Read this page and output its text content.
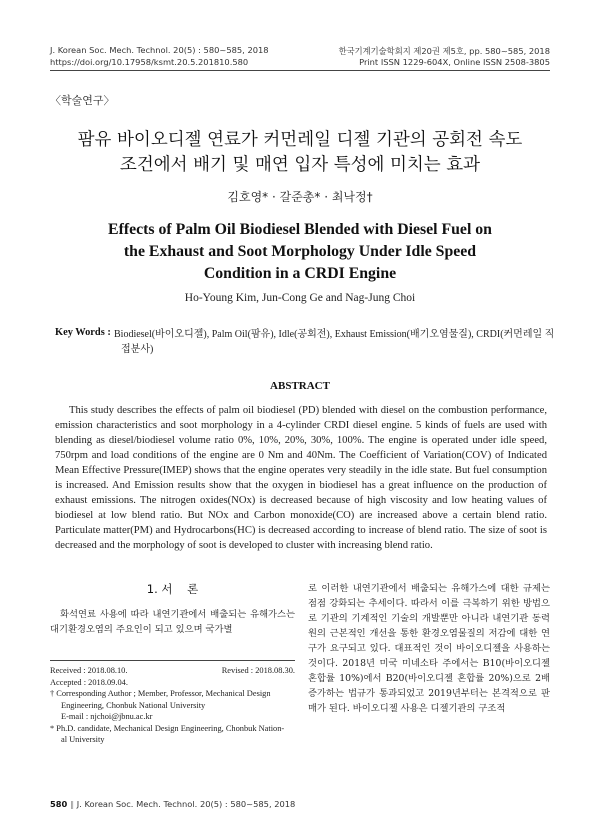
J. Korean Soc. Mech. Technol. 20(5) : 580~585, 2018
https://doi.org/10.17958/ksmt.20.5.201810.580
한국기계기술학회지 제20권 제5호, pp. 580~585, 2018
Print ISSN 1229-604X, Online ISSN 2508-3805
〈학술연구〉
팜유 바이오디젤 연료가 커먼레일 디젤 기관의 공회전 속도
조건에서 배기 및 매연 입자 특성에 미치는 효과
김호영* · 갈준총* · 최낙정†
Effects of Palm Oil Biodiesel Blended with Diesel Fuel on
the Exhaust and Soot Morphology Under Idle Speed
Condition in a CRDI Engine
Ho-Young Kim, Jun-Cong Ge and Nag-Jung Choi
Key Words : Biodiesel(바이오디젤), Palm Oil(팜유), Idle(공회전), Exhaust Emission(배기오염물질), CRDI(커먼레일 직
접분사)
ABSTRACT

This study describes the effects of palm oil biodiesel (PD) blended with diesel on the combustion performance, emission characteristics and soot morphology in a 4-cylinder CRDI diesel engine. 5 kinds of fuels are used with blending as diesel/biodiesel volume ratio 0%, 10%, 20%, 30%, 100%. The engine is operated under idle speed, 750rpm and load conditions of the engine are 0 Nm and 40Nm. The Coefficient of Variation(COV) of Indicated Mean Effective Pressure(IMEP) shows that the engine operates very steadily in the idle state. But fuel consumption is increased. And Emission results show that the oxygen in biodiesel has a great influence on the production of exhaust emissions. The nitrogen oxides(NOx) is decreased because of high viscosity and low heating values of biodiesel at low blend ratio. But NOx and Carbon monoxide(CO) are increased above a certain blend ratio. Particulate matter(PM) and Hydrocarbons(HC) is decreased according to increase of blend ratio. The size of soot is decreased and the morphology of soot is developed to cluster with increasing blend ratio.

1. 서    론
화석연료 사용에 따라 내연기관에서 배출되는 유해가스는 대기환경오염의 주요인이 되고 있으며 국가별
Received : 2018.08.10.	Revised : 2018.08.30.
Accepted : 2018.09.04.
† Corresponding Author ; Member, Professor, Mechanical Design
Engineering, Chonbuk National University
E-mail : njchoi@jbnu.ac.kr
* Ph.D. candidate, Mechanical Design Engineering, Chonbuk Nation-
al University
로 이러한 내연기관에서 배출되는 유해가스에 대한 규제는 점점 강화되는 추세이다. 따라서 이를 극복하기 위한 방법으로 기관의 기계적인 기술의 개발뿐만 아니라 내연기관 동력원의 근본적인 개선을 통한 환경오염물질의 저감에 대한 연구가 요구되고 있다. 대표적인 것이 바이오디젤을 사용하는 것이다. 2018년 미국 미네소타 주에서는 B10(바이오디젤 혼합률 10%)에서 B20(바이오디젤 혼합률 20%)으로 2배 증가하는 법규가 통과되었고 2019년부터는 본격적으로 판매가 된다. 바이오디젤 사용은 디젤기관의 구조적
580 ‖ J. Korean Soc. Mech. Technol. 20(5) : 580~585, 2018
